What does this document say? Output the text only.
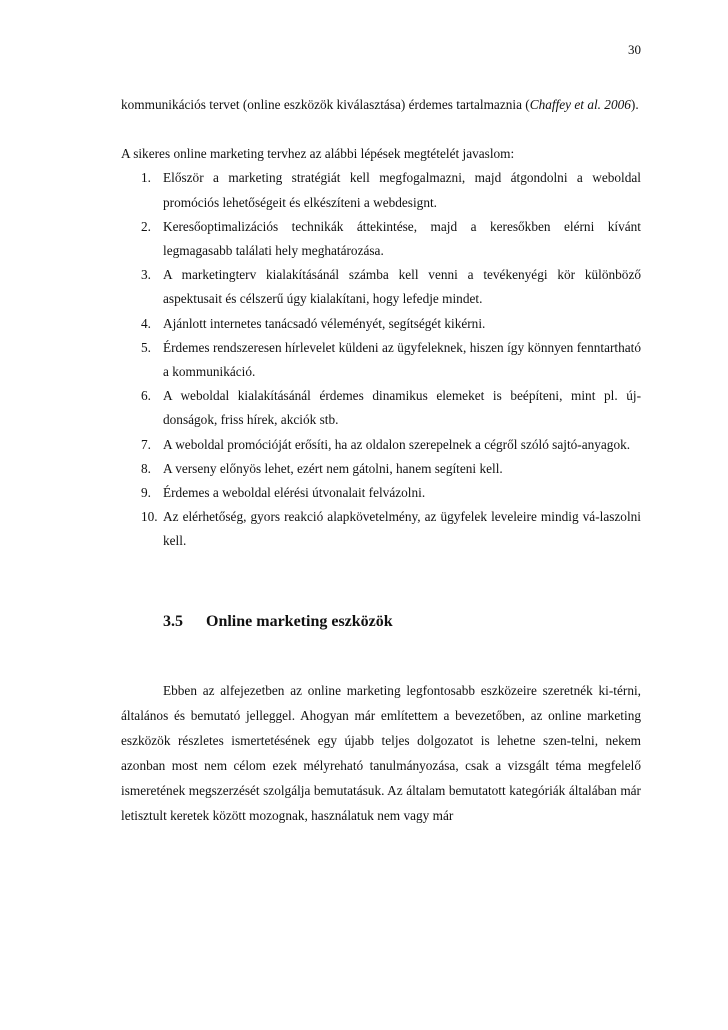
30

kommunikációs tervet (online eszközök kiválasztása) érdemes tartalmaznia (Chaffey et al. 2006).

A sikeres online marketing tervhez az alábbi lépések megtételét javaslom:

1. Először a marketing stratégiát kell megfogalmazni, majd átgondolni a weboldal promóciós lehetőségeit és elkészíteni a webdesignt.
2. Keresőoptimalizációs technikák áttekintése, majd a keresőkben elérni kívánt legmagasabb találati hely meghatározása.
3. A marketingterv kialakításánál számba kell venni a tevékenyégi kör különböző aspektusait és célszerű úgy kialakítani, hogy lefedje mindet.
4. Ajánlott internetes tanácsadó véleményét, segítségét kikérni.
5. Érdemes rendszeresen hírlevelet küldeni az ügyfeleknek, hiszen így könnyen fenntartható a kommunikáció.
6. A weboldal kialakításánál érdemes dinamikus elemeket is beépíteni, mint pl. új-donságok, friss hírek, akciók stb.
7. A weboldal promócióját erősíti, ha az oldalon szerepelnek a cégről szóló sajtó-anyagok.
8. A verseny előnyös lehet, ezért nem gátolni, hanem segíteni kell.
9. Érdemes a weboldal elérési útvonalait felvázolni.
10. Az elérhetőség, gyors reakció alapkövetelmény, az ügyfelek leveleire mindig vá-laszolni kell.
3.5 Online marketing eszközök

Ebben az alfejezetben az online marketing legfontosabb eszközeire szeretnék ki-térni, általános és bemutató jelleggel. Ahogyan már említettem a bevezetőben, az online marketing eszközök részletes ismertetésének egy újabb teljes dolgozatot is lehetne szen-telni, nekem azonban most nem célom ezek mélyreható tanulmányozása, csak a vizsgált téma megfelelő ismeretének megszerzését szolgálja bemutatásuk. Az általam bemutatott kategóriák általában már letisztult keretek között mozognak, használatuk nem vagy már
